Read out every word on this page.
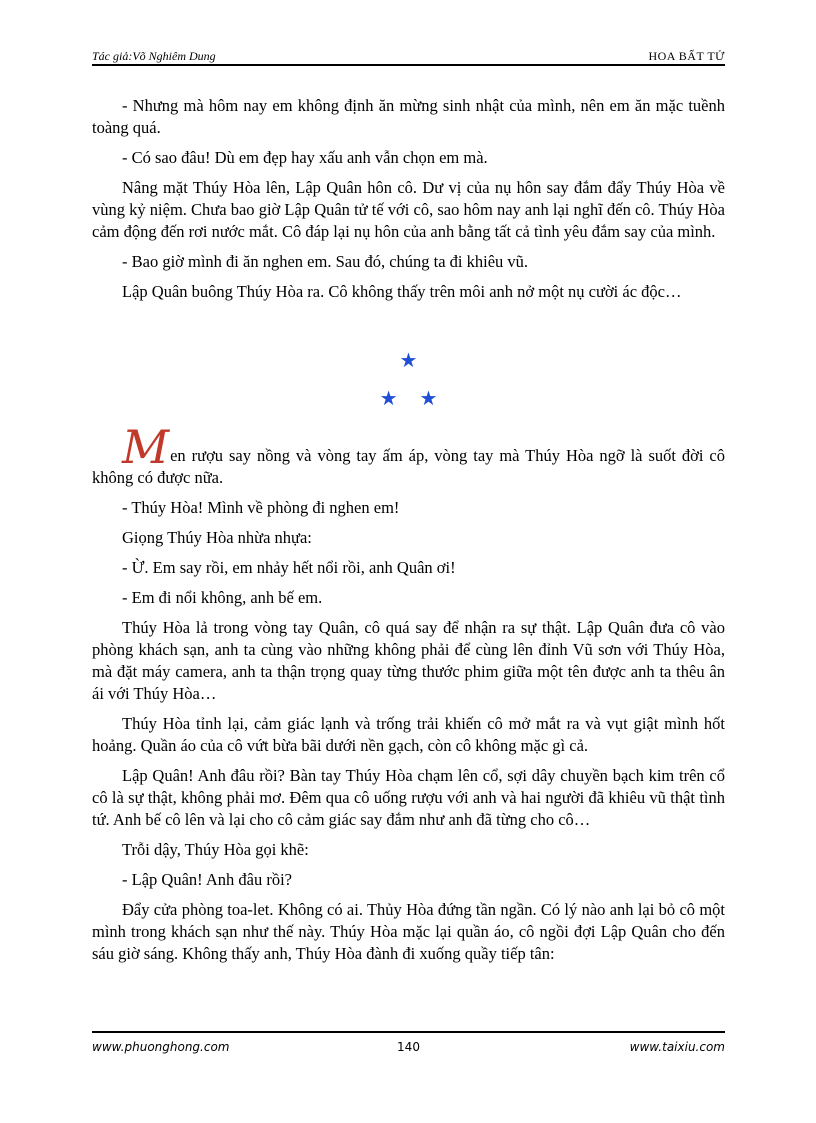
Tác giả:Võ Nghiêm Dung	HOA BẤT TỬ

- Nhưng mà hôm nay em không định ăn mừng sinh nhật của mình, nên em ăn mặc tuềnh toàng quá.

- Có sao đâu! Dù em đẹp hay xấu anh vẫn chọn em mà.

Nâng mặt Thúy Hòa lên, Lập Quân hôn cô. Dư vị của nụ hôn say đắm đẩy Thúy Hòa về vùng kỷ niệm. Chưa bao giờ Lập Quân tử tế với cô, sao hôm nay anh lại nghĩ đến cô. Thúy Hòa cảm động đến rơi nước mắt. Cô đáp lại nụ hôn của anh bằng tất cả tình yêu đắm say của mình.

- Bao giờ mình đi ăn nghen em. Sau đó, chúng ta đi khiêu vũ.

Lập Quân buông Thúy Hòa ra. Cô không thấy trên môi anh nở một nụ cười ác độc…

★
★★

Men rượu say nồng và vòng tay ấm áp, vòng tay mà Thúy Hòa ngỡ là suốt đời cô không có được nữa.

- Thúy Hòa! Mình về phòng đi nghen em!

Giọng Thúy Hòa nhừa nhựa:

- Ừ. Em say rồi, em nhảy hết nổi rồi, anh Quân ơi!

- Em đi nổi không, anh bế em.

Thúy Hòa lả trong vòng tay Quân, cô quá say để nhận ra sự thật. Lập Quân đưa cô vào phòng khách sạn, anh ta cùng vào những không phải để cùng lên đỉnh Vũ sơn với Thúy Hòa, mà đặt máy camera, anh ta thận trọng quay từng thước phim giữa một tên được anh ta thêu ân ái với Thúy Hòa…

Thúy Hòa tỉnh lại, cảm giác lạnh và trống trải khiến cô mở mắt ra và vụt giật mình hốt hoảng. Quần áo của cô vứt bừa bãi dưới nền gạch, còn cô không mặc gì cả.

Lập Quân! Anh đâu rồi? Bàn tay Thúy Hòa chạm lên cổ, sợi dây chuyền bạch kim trên cổ cô là sự thật, không phải mơ. Đêm qua cô uống rượu với anh và hai người đã khiêu vũ thật tình tứ. Anh bế cô lên và lại cho cô cảm giác say đắm như anh đã từng cho cô…

Trỗi dậy, Thúy Hòa gọi khẽ:

- Lập Quân! Anh đâu rồi?

Đẩy cửa phòng toa-let. Không có ai. Thủy Hòa đứng tần ngần. Có lý nào anh lại bỏ cô một mình trong khách sạn như thế này. Thúy Hòa mặc lại quần áo, cô ngồi đợi Lập Quân cho đến sáu giờ sáng. Không thấy anh, Thúy Hòa đành đi xuống quầy tiếp tân:

www.phuonghong.com	140	www.taixiu.com
